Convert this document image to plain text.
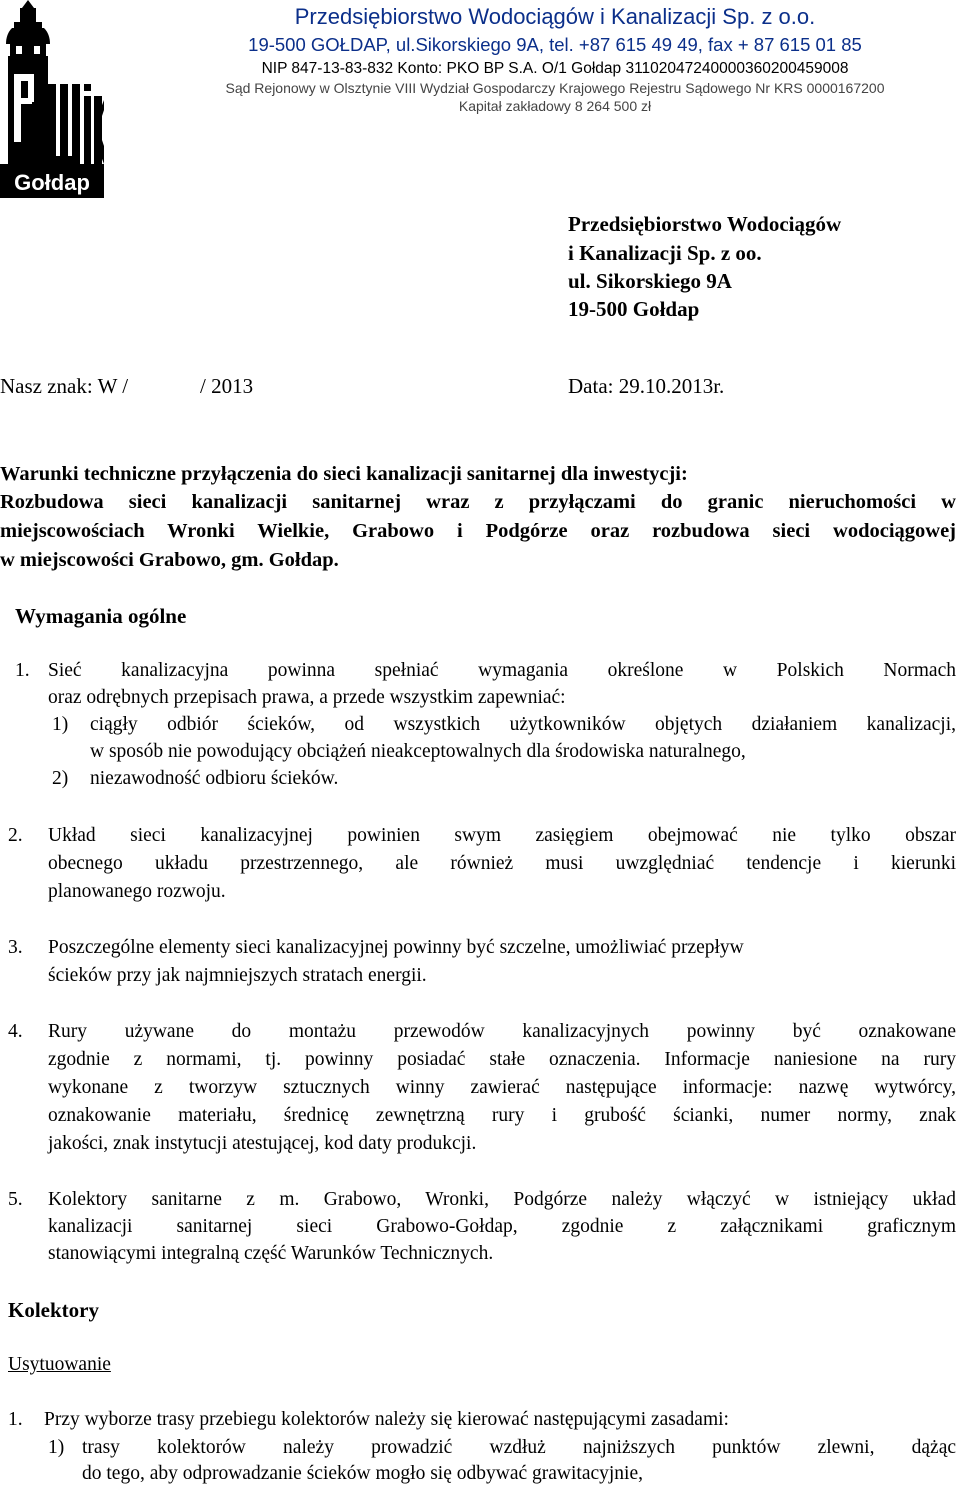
Gołdap
Przedsiębiorstwo Wodociągów i Kanalizacji Sp. z o.o.
19-500 GOŁDAP, ul.Sikorskiego 9A, tel. +87 615 49 49, fax + 87 615 01 85
NIP 847-13-83-832 Konto: PKO BP S.A. O/1 Gołdap 31102047240000360200459008
Sąd Rejonowy w Olsztynie VIII Wydział Gospodarczy Krajowego Rejestru Sądowego Nr KRS 0000167200
Kapitał zakładowy 8 264 500 zł
Przedsiębiorstwo Wodociągów
i Kanalizacji Sp. z oo.
ul. Sikorskiego 9A
19-500 Gołdap
Nasz znak: W /	/ 2013	Data: 29.10.2013r.
Warunki techniczne przyłączenia do sieci kanalizacji sanitarnej dla inwestycji:
Rozbudowa sieci kanalizacji sanitarnej wraz z przyłączami do granic nieruchomości w
miejscowościach Wronki Wielkie, Grabowo i Podgórze oraz rozbudowa sieci wodociągowej
w miejscowości Grabowo, gm. Gołdap.
Wymagania ogólne
1. Sieć kanalizacyjna powinna spełniać wymagania określone w Polskich Normach
oraz odrębnych przepisach prawa, a przede wszystkim zapewniać:
1) ciągły odbiór ścieków, od wszystkich użytkowników objętych działaniem kanalizacji,
w sposób nie powodujący obciążeń nieakceptowalnych dla środowiska naturalnego,
2) niezawodność odbioru ścieków.
2. Układ sieci kanalizacyjnej powinien swym zasięgiem obejmować nie tylko obszar
obecnego układu przestrzennego, ale również musi uwzględniać tendencje i kierunki
planowanego rozwoju.
3. Poszczególne elementy sieci kanalizacyjnej powinny być szczelne, umożliwiać przepływ
ścieków przy jak najmniejszych stratach energii.
4. Rury używane do montażu przewodów kanalizacyjnych powinny być oznakowane
zgodnie z normami, tj. powinny posiadać stałe oznaczenia. Informacje naniesione na rury
wykonane z tworzyw sztucznych winny zawierać następujące informacje: nazwę wytwórcy,
oznakowanie materiału, średnicę zewnętrzną rury i grubość ścianki, numer normy, znak
jakości, znak instytucji atestującej, kod daty produkcji.
5. Kolektory sanitarne z m. Grabowo, Wronki, Podgórze należy włączyć w istniejący układ
kanalizacji sanitarnej sieci Grabowo-Gołdap, zgodnie z załącznikami graficznym
stanowiącymi integralną część Warunków Technicznych.
Kolektory
Usytuowanie
1. Przy wyborze trasy przebiegu kolektorów należy się kierować następującymi zasadami:
1) trasy kolektorów należy prowadzić wzdłuż najniższych punktów zlewni, dążąc
do tego, aby odprowadzanie ścieków mogło się odbywać grawitacyjnie,
